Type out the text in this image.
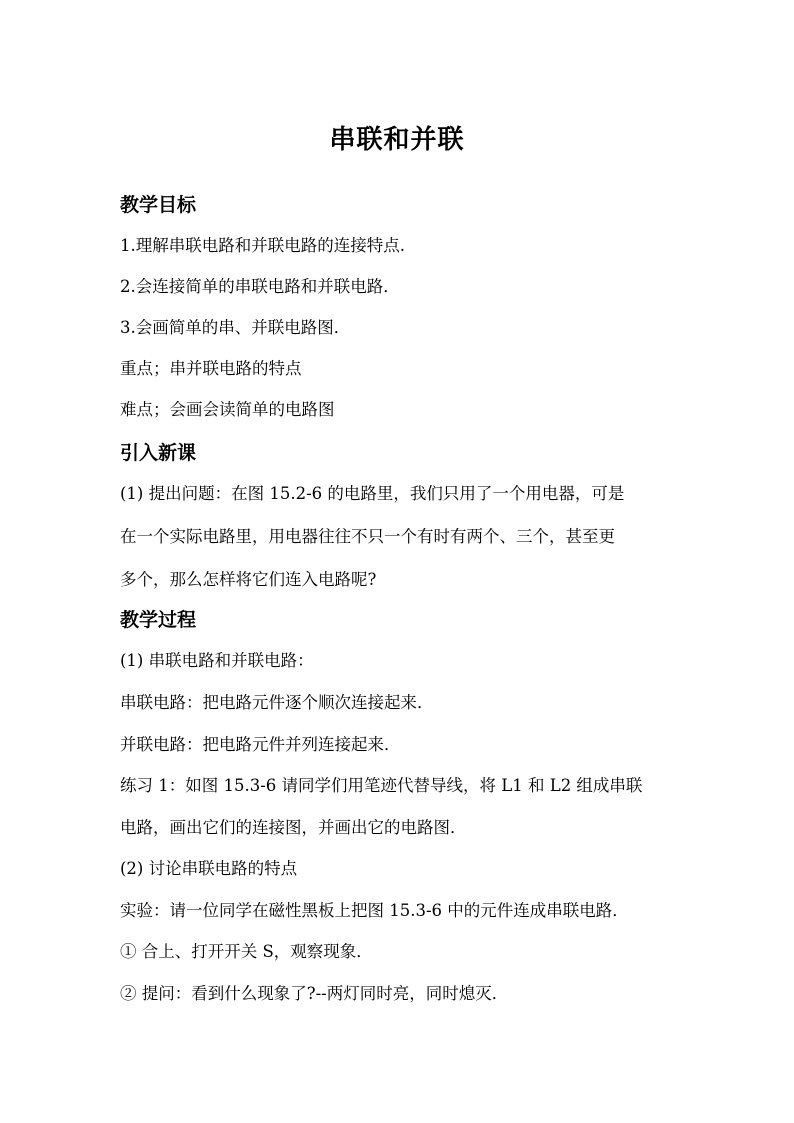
串联和并联
教学目标
1.理解串联电路和并联电路的连接特点.
2.会连接简单的串联电路和并联电路．
3.会画简单的串、并联电路图．
重点；串并联电路的特点
难点；会画会读简单的电路图
引入新课
(1) 提出问题：在图 15.2-6 的电路里，我们只用了一个用电器，可是
在一个实际电路里，用电器往往不只一个有时有两个、三个，甚至更
多个，那么怎样将它们连入电路呢?
教学过程
(1) 串联电路和并联电路：
串联电路：把电路元件逐个顺次连接起来．
并联电路：把电路元件并列连接起来．
练习 1：如图 15.3-6 请同学们用笔迹代替导线，将 L1 和 L2 组成串联
电路，画出它们的连接图，并画出它的电路图．
(2) 讨论串联电路的特点
实验：请一位同学在磁性黑板上把图 15.3-6 中的元件连成串联电路．
① 合上、打开开关 S，观察现象．
② 提问：看到什么现象了?--两灯同时亮，同时熄灭．
